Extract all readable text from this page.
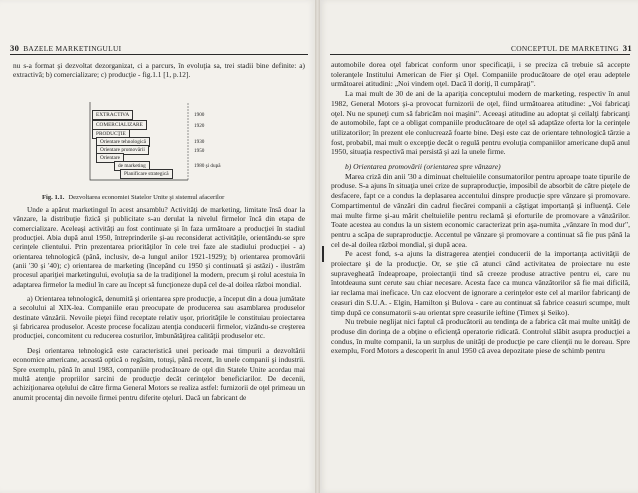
30 BAZELE MARKETINGULUI	CONCEPTUL DE MARKETING 31

nu s-a format şi dezvoltat dezorganizat, ci a parcurs, în evoluţia sa, trei stadii bine definite: a) extractivă; b) comercializare; c) producţie - fig.1.1 [1, p.12].

EXTRACTIVA
COMERCIALIZARE
PRODUCŢIE
Orientare tehnologică
Orientare promovării
Orientare
de marketing
Planificare strategică
1900
1920
1930
1950
1980 şi după
Fig. 1.1. Dezvoltarea economiei Statelor Unite şi sistemul afacerilor

Unde a apărut marketingul în acest ansamblu? Activităţi de marketing, limitate însă doar la vânzare, la distribuţie fizică şi publicitate s-au derulat la nivelul firmelor încă din etapa de comercializare. Aceleaşi activităţi au fost continuate şi în faza următoare a producţiei în stadiul producţiei. Abia după anul 1950, întreprinderile şi-au reconsiderat activităţile, orientându-se spre cerinţele clientului. Prin prezentarea priorităţilor în cele trei faze ale stadiului producţiei - a) orientarea tehnologică (până, inclusiv, de-a lungul anilor 1921-1929); b) orientarea promovării (anii '30 şi '40); c) orientarea de marketing (începând cu 1950 şi continuată şi astăzi) - ilustrăm procesul apariţiei marketingului, evoluţia sa de la tradiţionel la modern, precum şi rolul acestuia în adaptarea firmelor la mediul în care au încept să funcţioneze după cel de-al doilea război mondial.

a) Orientarea tehnologică, denumită şi orientarea spre producţie, a început din a doua jumătate a secolului al XIX-lea. Companiile erau preocupate de producerea sau asamblarea produselor destinate vânzării. Nevoile pieţei fiind receptate relativ uşor, priorităţile le constituiau proiectarea şi fabricarea produselor. Aceste procese focalizau atenţia conducerii firmelor, vizându-se creşterea producţiei, concomitent cu reducerea costurilor, îmbunătăţirea calităţii produselor etc.

Deşi orientarea tehnologică este caracteristică unei perioade mai timpurii a dezvoltării economice americane, această optică o regăsim, totuşi, până recent, în unele companii şi industrii. Spre exemplu, până în anul 1983, companiile producătoare de oţel din Statele Unite acordau mai multă atenţie propriilor sarcini de producţie decât cerinţelor beneficiarilor. De decenii, achiziţionarea oţelului de către firma General Motors se realiza astfel: furnizorii de oţel primeau un anumit procentaj din nevoile firmei pentru diferite oţeluri. Dacă un fabricant de

automobile dorea oţel fabricat conform unor specificaţii, i se preciza că trebuie să accepte toleranţele Institului American de Fier şi Oţel. Companiile producătoare de oţel erau adeptele următoarei atitudini: „Noi vindem oţel. Dacă îl doriţi, îl cumpăraţi".

La mai mult de 30 de ani de la apariţia conceptului modern de marketing, respectiv în anul 1982, General Motors şi-a provocat furnizorii de oţel, fiind următoarea atitudine: „Voi fabricaţi oţel. Nu ne spuneţi cum să fabricăm noi maşini". Aceeaşi atitudine au adoptat şi ceilalţi fabricanţi de automobile, fapt ce a obligat companiile producătoare de oţel să adaptăze oferta lor la cerinţele utilizatorilor; în prezent ele conlucrează foarte bine. Deşi este caz de orientare tehnologică târzie a fost, probabil, mai mult o excepţie decât o regulă pentru evoluţia companiilor americane după anul 1950, situaţia respectivă mai persistă şi azi la unele firme.

b) Orientarea promovării (orientarea spre vânzare)

Marea criză din anii '30 a diminuat cheltuielile consumatorilor pentru aproape toate tipurile de produse. S-a ajuns în situaţia unei crize de supraproducţie, imposibil de absorbit de către pieţele de desfacere, fapt ce a condus la deplasarea accentului dinspre producţie spre vânzare şi promovare. Compartimentul de vânzări din cadrul fiecărei companii a câştigat importanţă şi influenţă. Cele mai multe firme şi-au mărit cheltuielile pentru reclamă şi eforturile de promovare a vânzărilor. Toate acestea au condus la un sistem economic caracterizat prin aşa-numita „vânzare în mod dur", pentru a scăpa de supraproducţie. Accentul pe vânzare şi promovare a continuat să fie pus până la cel de-al doilea război mondial, şi după acea.

Pe acest fond, s-a ajuns la distragerea atenţiei conducerii de la importanţa activităţii de proiectare şi de la producţie. Or, se ştie că atunci când activitatea de proiectare nu este supravegheată îndeaproape, proiectanţii tind să creeze produse atractive pentru ei, care nu întotdeauna sunt cerute sau chiar necesare. Acesta face ca munca vânzătorilor să fie mai dificilă, iar reclama mai ineficace. Un caz elocvent de ignorare a cerinţelor este cel al marilor fabricanţi de ceasuri din S.U.A. - Elgin, Hamilton şi Bulova - care au continuat să fabrice ceasuri scumpe, mult timp după ce consumatorii s-au orientat spre ceasurile ieftine (Timex şi Seiko).

Nu trebuie neglijat nici faptul că producătorii au tendinţa de a fabrica cât mai multe unităţi de produse din dorinţa de a obţine o eficienţă operatorie ridicată. Controlul slăbit asupra producţiei a condus, în multe companii, la un surplus de unităţi de producţie pe care clienţii nu le doreau. Spre exemplu, Ford Motors a descoperit în anul 1950 că avea depozitate piese de schimb pentru
